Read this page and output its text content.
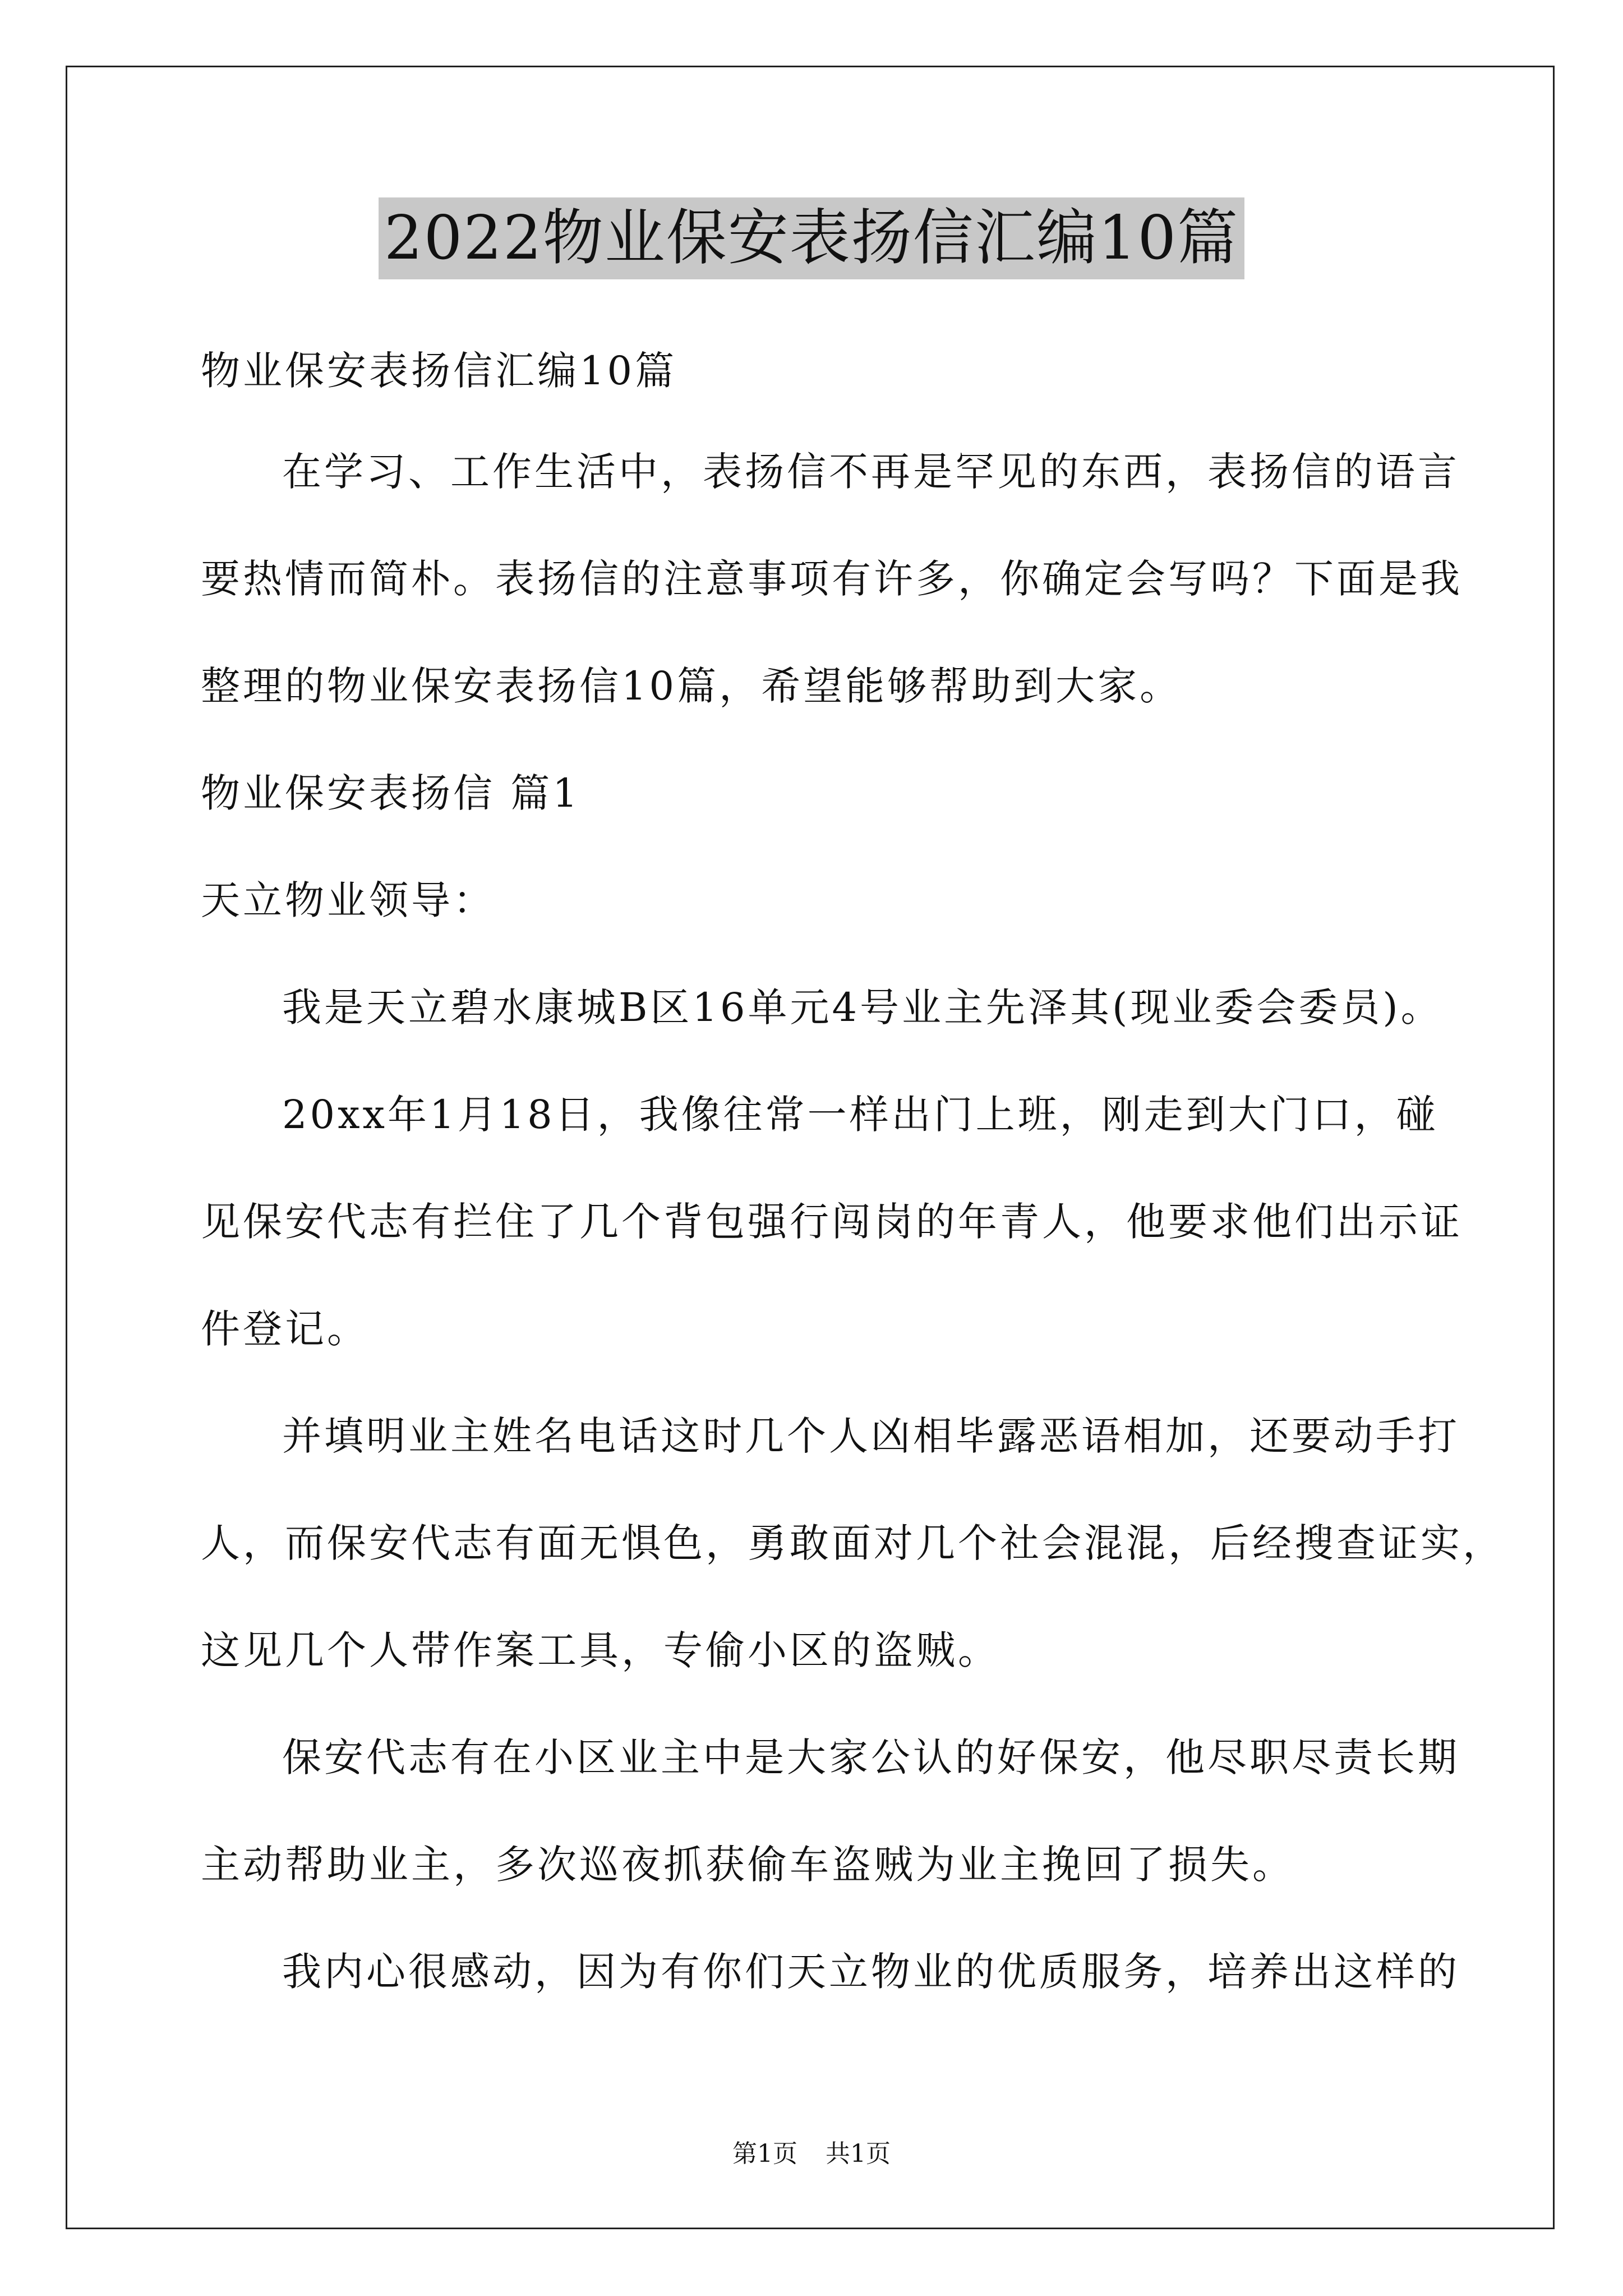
2022物业保安表扬信汇编10篇
物业保安表扬信汇编10篇
在学习、工作生活中，表扬信不再是罕见的东西，表扬信的语言
要热情而简朴。表扬信的注意事项有许多，你确定会写吗？下面是我
整理的物业保安表扬信10篇，希望能够帮助到大家。
物业保安表扬信 篇1
天立物业领导：
我是天立碧水康城B区16单元4号业主先泽其(现业委会委员)。
20xx年1月18日，我像往常一样出门上班，刚走到大门口，碰
见保安代志有拦住了几个背包强行闯岗的年青人，他要求他们出示证
件登记。
并填明业主姓名电话这时几个人凶相毕露恶语相加，还要动手打
人，而保安代志有面无惧色，勇敢面对几个社会混混，后经搜查证实，
这见几个人带作案工具，专偷小区的盗贼。
保安代志有在小区业主中是大家公认的好保安，他尽职尽责长期
主动帮助业主，多次巡夜抓获偷车盗贼为业主挽回了损失。
我内心很感动，因为有你们天立物业的优质服务，培养出这样的
第1页 共1页
